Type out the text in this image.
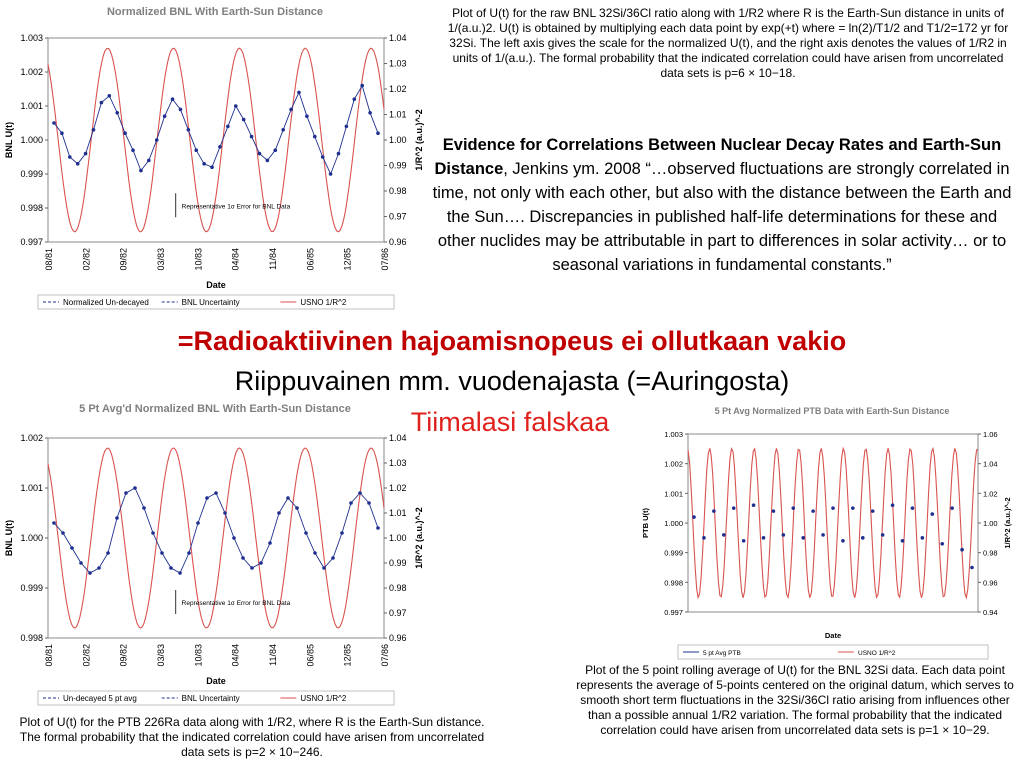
Normalized BNL With Earth-Sun Distance
1.003
1.002
1.001
1.000
0.999
0.998
0.997
1.04
1.03
1.02
1.01
1.00
0.99
0.98
0.97
0.96
BNL U(t)	1/R^2 (a.u.)^-2
08/81	02/82	09/82	03/83	10/83	04/84	11/84	06/85	12/85	07/86
Date
Representative 1σ Error for BNL Data
Normalized Un-decayed	BNL Uncertainty	USNO 1/R^2
Plot of U(t) for the raw BNL 32Si/36Cl ratio along with 1/R2 where R is the Earth-Sun distance in units of 1/(a.u.)2. U(t) is obtained by multiplying each data point by exp(+t) where = ln(2)/T1/2 and T1/2=172 yr for 32Si. The left axis gives the scale for the normalized U(t), and the right axis denotes the values of 1/R2 in units of 1/(a.u.). The formal probability that the indicated correlation could have arisen from uncorrelated data sets is p=6 × 10−18.
Evidence for Correlations Between Nuclear Decay Rates and Earth-Sun Distance, Jenkins ym. 2008 “…observed fluctuations are strongly correlated in time, not only with each other, but also with the distance between the Earth and the Sun…. Discrepancies in published half-life determinations for these and other nuclides may be attributable in part to differences in solar activity… or to seasonal variations in fundamental constants.”
=Radioaktiivinen hajoamisnopeus ei ollutkaan vakio
Riippuvainen mm. vuodenajasta (=Auringosta)
Tiimalasi falskaa
5 Pt Avg'd Normalized BNL With Earth-Sun Distance
1.002
1.001
1.000
0.999
0.998
1.04
1.03
1.02
1.01
1.00
0.99
0.98
0.97
0.96
BNL U(t)	1/R^2 (a.u.)^-2
08/81	02/82	09/82	03/83	10/83	04/84	11/84	06/85	12/85	07/86
Date
Representative 1σ Error for BNL Data
Un-decayed 5 pt avg	BNL Uncertainty	USNO 1/R^2
5 Pt Avg Normalized PTB Data with Earth-Sun Distance
1.003
1.002
1.001
1.000
0.999
0.998
0.997
1.06
1.04
1.02
1.00
0.98
0.96
0.94
PTB U(t)	1/R^2 (a.u.)^-2
Date
5 pt Avg PTB	USNO 1/R^2
Plot of U(t) for the PTB 226Ra data along with 1/R2, where R is the Earth-Sun distance. The formal probability that the indicated correlation could have arisen from uncorrelated data sets is p=2 × 10−246.
Plot of the 5 point rolling average of U(t) for the BNL 32Si data. Each data point represents the average of 5-points centered on the original datum, which serves to smooth short term fluctuations in the 32Si/36Cl ratio arising from influences other than a possible annual 1/R2 variation. The formal probability that the indicated correlation could have arisen from uncorrelated data sets is p=1 × 10−29.
